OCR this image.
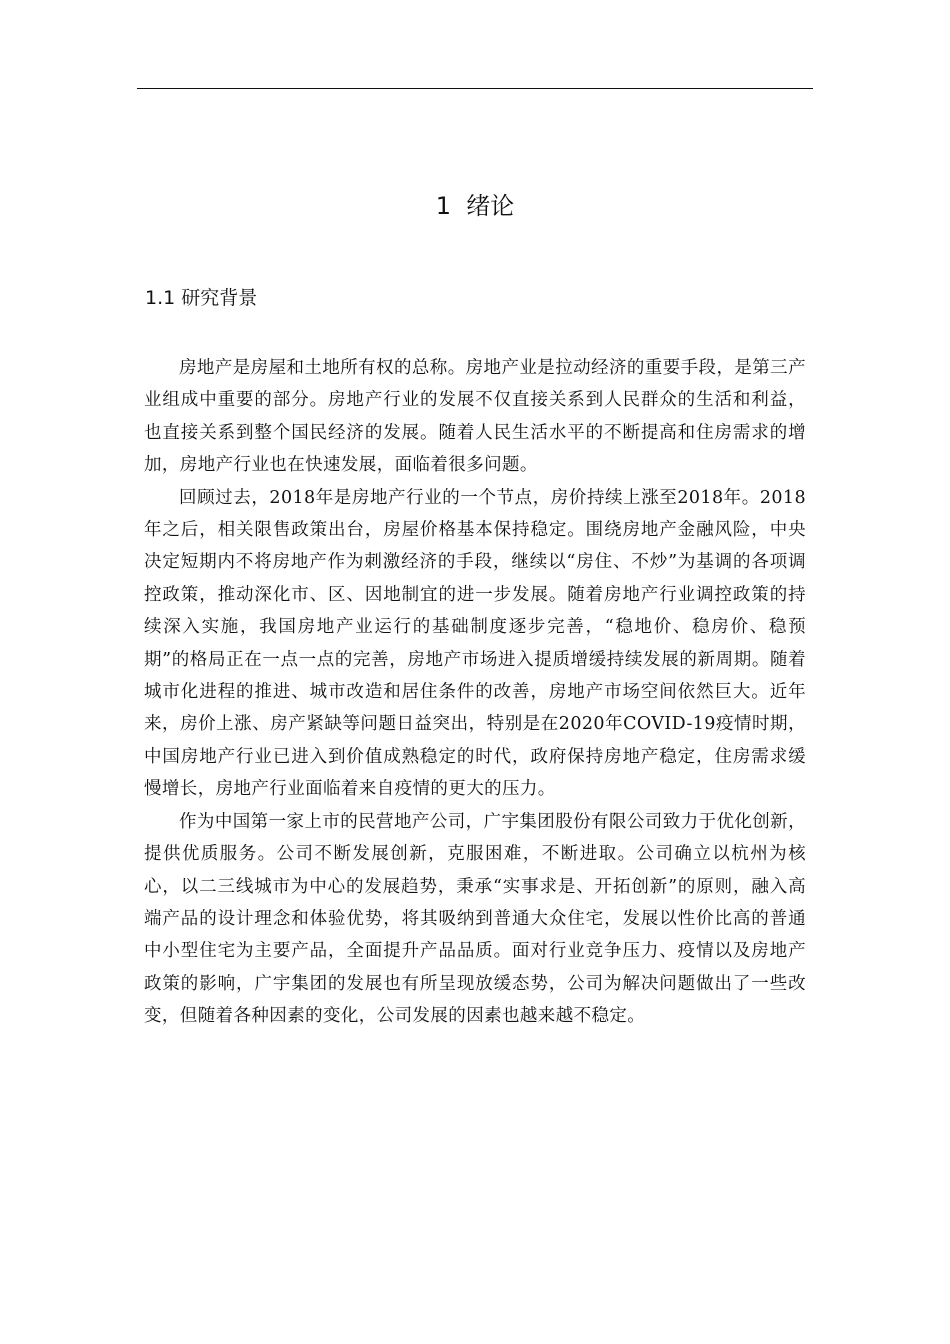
1  绪论
1.1 研究背景

房地产是房屋和土地所有权的总称。房地产业是拉动经济的重要手段，是第三产业组成中重要的部分。房地产行业的发展不仅直接关系到人民群众的生活和利益，也直接关系到整个国民经济的发展。随着人民生活水平的不断提高和住房需求的增加，房地产行业也在快速发展，面临着很多问题。

回顾过去，2018年是房地产行业的一个节点，房价持续上涨至2018年。2018年之后，相关限售政策出台，房屋价格基本保持稳定。围绕房地产金融风险，中央决定短期内不将房地产作为刺激经济的手段，继续以“房住、不炒”为基调的各项调控政策，推动深化市、区、因地制宜的进一步发展。随着房地产行业调控政策的持续深入实施，我国房地产业运行的基础制度逐步完善，“稳地价、稳房价、稳预期”的格局正在一点一点的完善，房地产市场进入提质增缓持续发展的新周期。随着城市化进程的推进、城市改造和居住条件的改善，房地产市场空间依然巨大。近年来，房价上涨、房产紧缺等问题日益突出，特别是在2020年COVID-19疫情时期，中国房地产行业已进入到价值成熟稳定的时代，政府保持房地产稳定，住房需求缓慢增长，房地产行业面临着来自疫情的更大的压力。

作为中国第一家上市的民营地产公司，广宇集团股份有限公司致力于优化创新，提供优质服务。公司不断发展创新，克服困难，不断进取。公司确立以杭州为核心，以二三线城市为中心的发展趋势，秉承“实事求是、开拓创新”的原则，融入高端产品的设计理念和体验优势，将其吸纳到普通大众住宅，发展以性价比高的普通中小型住宅为主要产品，全面提升产品品质。面对行业竞争压力、疫情以及房地产政策的影响，广宇集团的发展也有所呈现放缓态势，公司为解决问题做出了一些改变，但随着各种因素的变化，公司发展的因素也越来越不稳定。
